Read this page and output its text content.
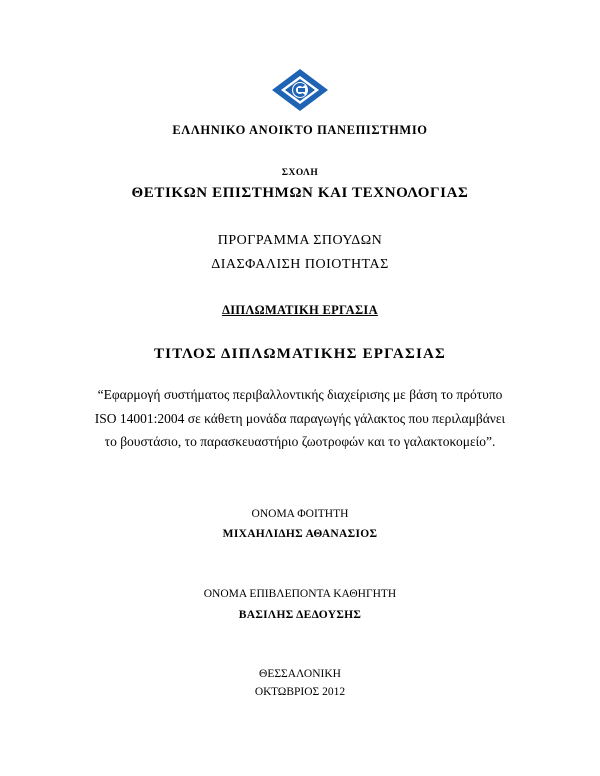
ΕΛΛΗΝΙΚΟ ΑΝΟΙΚΤΟ ΠΑΝΕΠΙΣΤΗΜΙΟ
ΣΧΟΛΗ
ΘΕΤΙΚΩΝ ΕΠΙΣΤΗΜΩΝ ΚΑΙ ΤΕΧΝΟΛΟΓΙΑΣ
ΠΡΟΓΡΑΜΜΑ ΣΠΟΥΔΩΝ
ΔΙΑΣΦΑΛΙΣΗ ΠΟΙΟΤΗΤΑΣ
ΔΙΠΛΩΜΑΤΙΚΗ ΕΡΓΑΣΙΑ
ΤΙΤΛΟΣ ΔΙΠΛΩΜΑΤΙΚΗΣ ΕΡΓΑΣΙΑΣ
“Εφαρμογή συστήματος περιβαλλοντικής διαχείρισης με βάση το πρότυπο
ISO 14001:2004 σε κάθετη μονάδα παραγωγής γάλακτος που περιλαμβάνει
το βουστάσιο, το παρασκευαστήριο ζωοτροφών και το γαλακτοκομείο”.
ΟΝΟΜΑ ΦΟΙΤΗΤΗ
ΜΙΧΑΗΛΙΔΗΣ ΑΘΑΝΑΣΙΟΣ
ΟΝΟΜΑ ΕΠΙΒΛΕΠΟΝΤΑ ΚΑΘΗΓΗΤΗ
ΒΑΣΙΛΗΣ ΔΕΔΟΥΣΗΣ
ΘΕΣΣΑΛΟΝΙΚΗ
ΟΚΤΩΒΡΙΟΣ 2012
